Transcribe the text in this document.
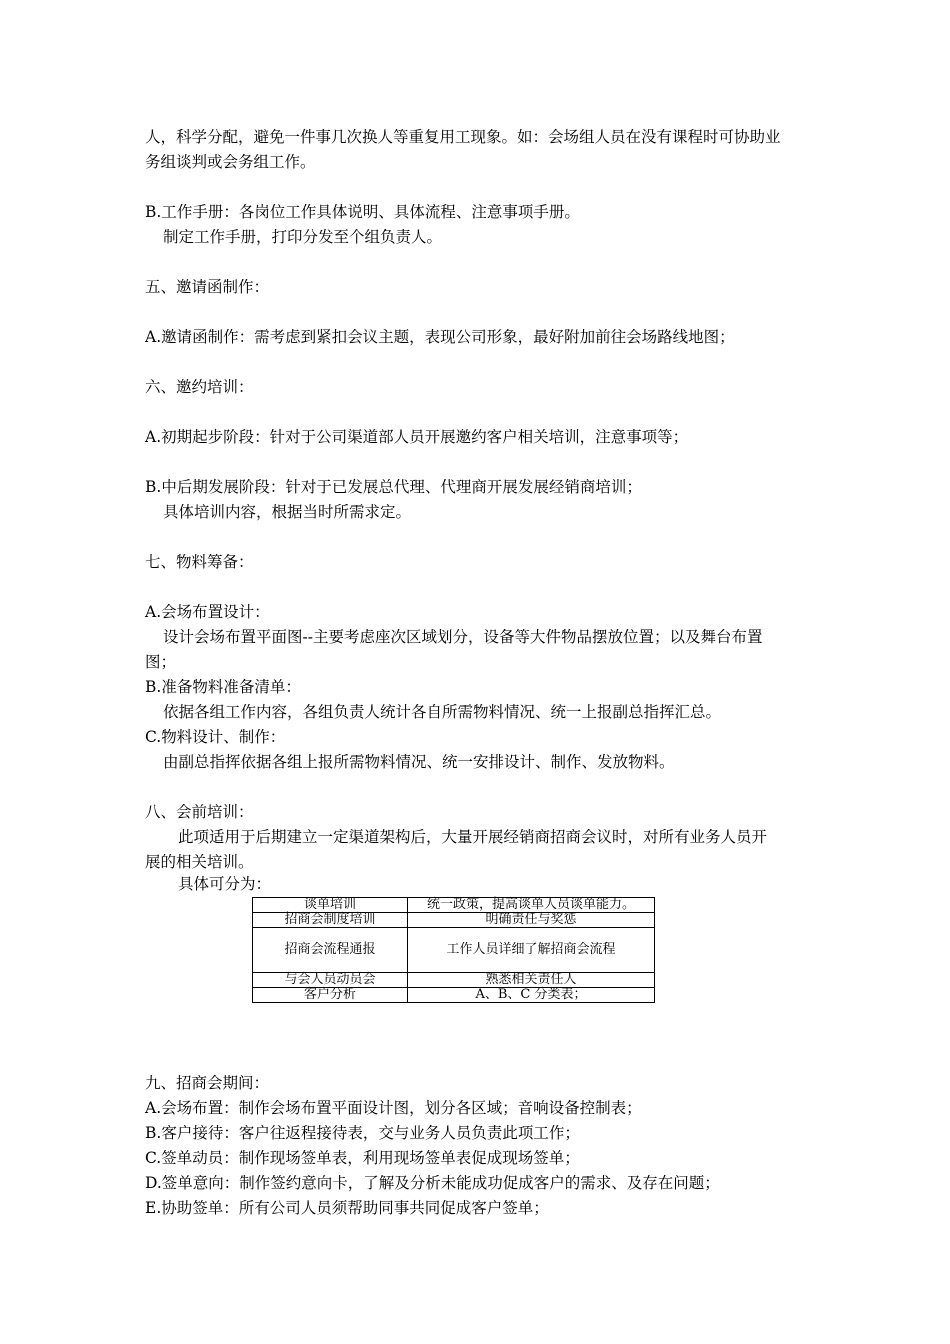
人，科学分配，避免一件事几次换人等重复用工现象。如：会场组人员在没有课程时可协助业
务组谈判或会务组工作。
B.工作手册：各岗位工作具体说明、具体流程、注意事项手册。
制定工作手册，打印分发至个组负责人。
五、邀请函制作：
A.邀请函制作：需考虑到紧扣会议主题，表现公司形象，最好附加前往会场路线地图；
六、邀约培训：
A.初期起步阶段：针对于公司渠道部人员开展邀约客户相关培训，注意事项等；
B.中后期发展阶段：针对于已发展总代理、代理商开展发展经销商培训；
具体培训内容，根据当时所需求定。
七、物料筹备：
A.会场布置设计：
设计会场布置平面图--主要考虑座次区域划分，设备等大件物品摆放位置；以及舞台布置
图；
B.准备物料准备清单：
依据各组工作内容，各组负责人统计各自所需物料情况、统一上报副总指挥汇总。
C.物料设计、制作：
由副总指挥依据各组上报所需物料情况、统一安排设计、制作、发放物料。
八、会前培训：
此项适用于后期建立一定渠道架构后，大量开展经销商招商会议时，对所有业务人员开
展的相关培训。
具体可分为：
谈单培训	统一政策，提高谈单人员谈单能力。
招商会制度培训	明确责任与奖惩
招商会流程通报	工作人员详细了解招商会流程
与会人员动员会	熟悉相关责任人
客户分析	A、B、C 分类表；
九、招商会期间：
A.会场布置：制作会场布置平面设计图，划分各区域；音响设备控制表；
B.客户接待：客户往返程接待表，交与业务人员负责此项工作；
C.签单动员：制作现场签单表，利用现场签单表促成现场签单；
D.签单意向：制作签约意向卡，了解及分析未能成功促成客户的需求、及存在问题；
E.协助签单：所有公司人员须帮助同事共同促成客户签单；
